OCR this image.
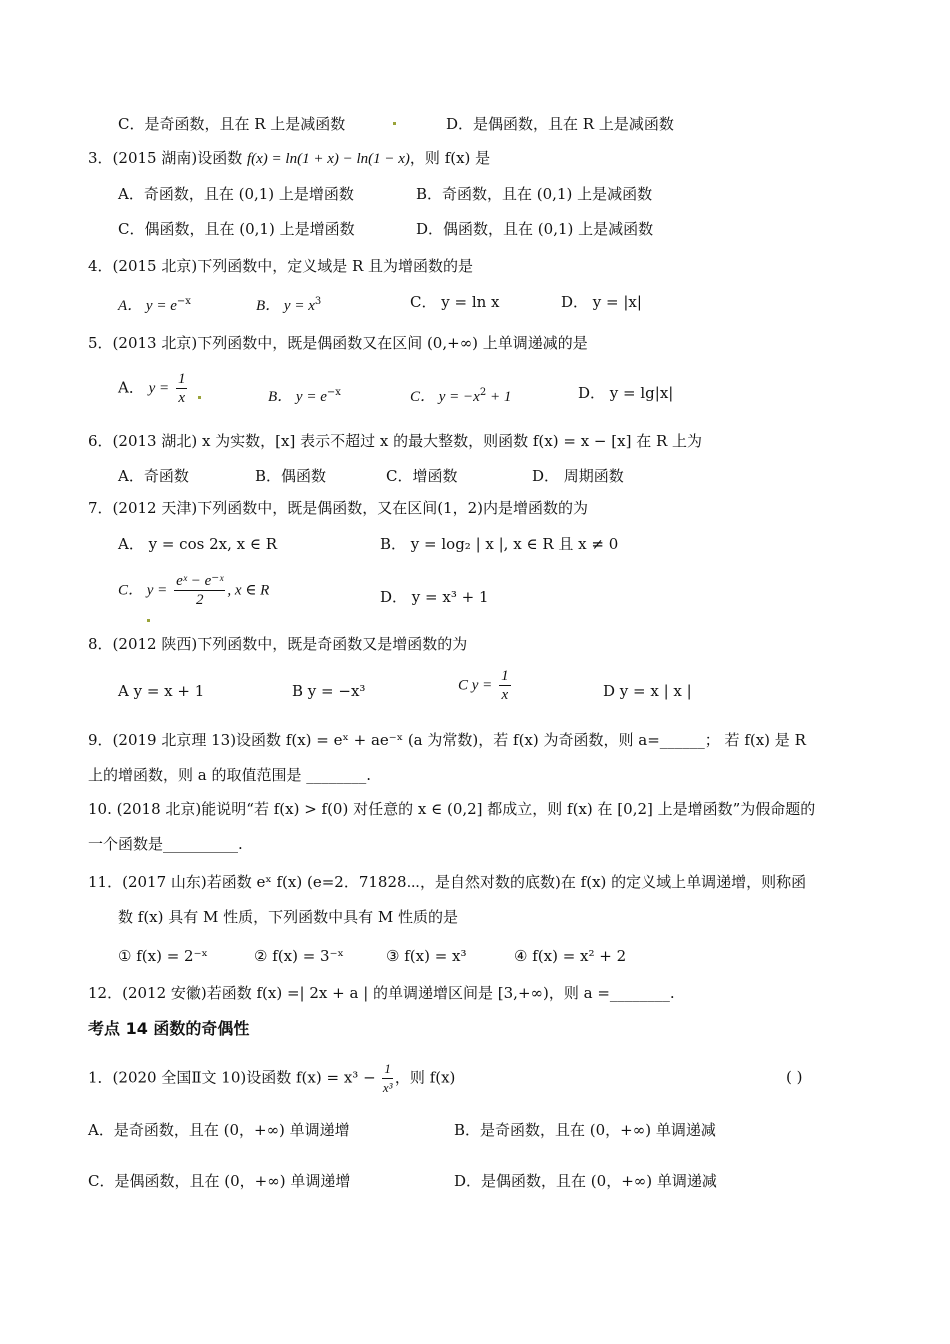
C．是奇函数，且在 R 上是减函数	D．是偶函数，且在 R 上是减函数
3．(2015 湖南)设函数 f(x) = ln(1 + x) − ln(1 − x)，则 f(x) 是
A．奇函数，且在 (0,1) 上是增函数	B．奇函数，且在 (0,1) 上是减函数
C．偶函数，且在 (0,1) 上是增函数	D．偶函数，且在 (0,1) 上是减函数
4．(2015 北京)下列函数中，定义域是 R 且为增函数的是
A． $y = e^{-x}$	B． $y = x^3$	C． y = ln x	D． y = |x|
5．(2013 北京)下列函数中，既是偶函数又在区间 (0,+∞) 上单调递减的是
A． $y = \frac{1}{x}$	B． $y = e^{-x}$	C． $y = -x^2 + 1$	D． y = lg|x|
6．(2013 湖北) x 为实数，[x] 表示不超过 x 的最大整数，则函数 f(x) = x − [x] 在 R 上为
A．奇函数	B．偶函数	C．增函数	D． 周期函数
7．(2012 天津)下列函数中，既是偶函数，又在区间(1，2)内是增函数的为
A． y = cos 2x, x ∈ R	B． y = log₂ | x |, x ∈ R 且 x ≠ 0
C． $y = \frac{\text{eˣ − e⁻ˣ}}{2}$ , x ∈ R	D． y = x³ + 1
8．(2012 陕西)下列函数中，既是奇函数又是增函数的为
A y = x + 1	B y = −x³	C $y = \frac{1}{x}$	D y = x | x |
9．(2019 北京理 13)设函数 f(x) = eˣ + ae⁻ˣ (a 为常数)，若 f(x) 为奇函数，则 a=______； 若 f(x) 是 R
上的增函数，则 a 的取值范围是 ________.
10. (2018 北京)能说明“若 f(x) > f(0) 对任意的 x ∈ (0,2] 都成立，则 f(x) 在 [0,2] 上是增函数”为假命题的
一个函数是__________.
11．(2017 山东)若函数 eˣ f(x) (e=2．71828⋯，是自然对数的底数)在 f(x) 的定义域上单调递增，则称函
数 f(x) 具有 M 性质，下列函数中具有 M 性质的是
① f(x) = 2⁻ˣ	② f(x) = 3⁻ˣ	③ f(x) = x³	④ f(x) = x² + 2
12．(2012 安徽)若函数 f(x) =| 2x + a | 的单调递增区间是 [3,+∞)，则 a =________.
考点 14 函数的奇偶性
1．(2020 全国Ⅱ文 10)设函数 $f(x) = x^3 - \frac{1}{\text{x³}}$ ，则 f(x)	( )
A．是奇函数，且在 (0，+∞) 单调递增	B．是奇函数，且在 (0，+∞) 单调递减
C．是偶函数，且在 (0，+∞) 单调递增	D．是偶函数，且在 (0，+∞) 单调递减
